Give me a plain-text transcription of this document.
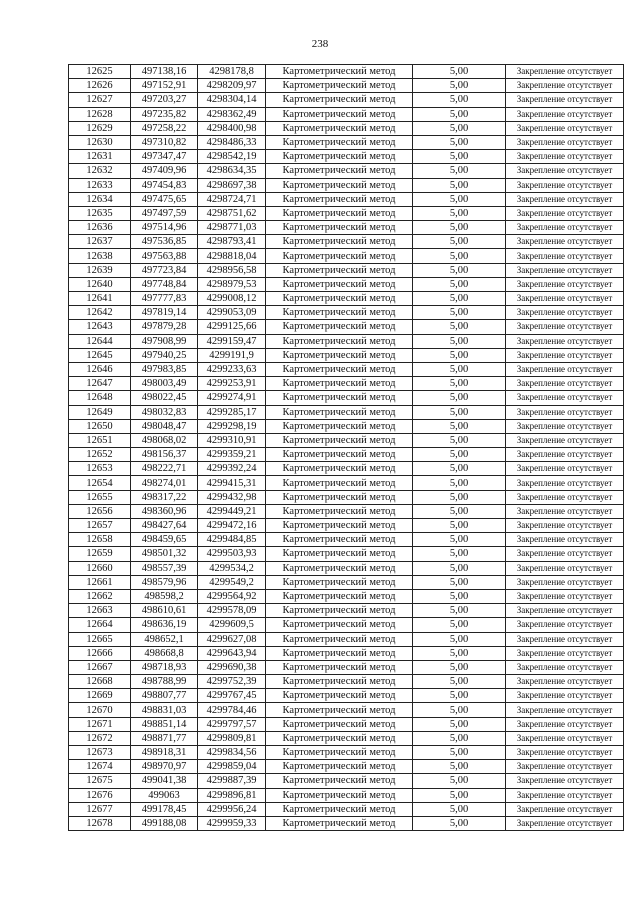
238
12625	497138,16	4298178,8	Картометрический метод	5,00	Закрепление отсутствует
12626	497152,91	4298209,97	Картометрический метод	5,00	Закрепление отсутствует
12627	497203,27	4298304,14	Картометрический метод	5,00	Закрепление отсутствует
12628	497235,82	4298362,49	Картометрический метод	5,00	Закрепление отсутствует
12629	497258,22	4298400,98	Картометрический метод	5,00	Закрепление отсутствует
12630	497310,82	4298486,33	Картометрический метод	5,00	Закрепление отсутствует
12631	497347,47	4298542,19	Картометрический метод	5,00	Закрепление отсутствует
12632	497409,96	4298634,35	Картометрический метод	5,00	Закрепление отсутствует
12633	497454,83	4298697,38	Картометрический метод	5,00	Закрепление отсутствует
12634	497475,65	4298724,71	Картометрический метод	5,00	Закрепление отсутствует
12635	497497,59	4298751,62	Картометрический метод	5,00	Закрепление отсутствует
12636	497514,96	4298771,03	Картометрический метод	5,00	Закрепление отсутствует
12637	497536,85	4298793,41	Картометрический метод	5,00	Закрепление отсутствует
12638	497563,88	4298818,04	Картометрический метод	5,00	Закрепление отсутствует
12639	497723,84	4298956,58	Картометрический метод	5,00	Закрепление отсутствует
12640	497748,84	4298979,53	Картометрический метод	5,00	Закрепление отсутствует
12641	497777,83	4299008,12	Картометрический метод	5,00	Закрепление отсутствует
12642	497819,14	4299053,09	Картометрический метод	5,00	Закрепление отсутствует
12643	497879,28	4299125,66	Картометрический метод	5,00	Закрепление отсутствует
12644	497908,99	4299159,47	Картометрический метод	5,00	Закрепление отсутствует
12645	497940,25	4299191,9	Картометрический метод	5,00	Закрепление отсутствует
12646	497983,85	4299233,63	Картометрический метод	5,00	Закрепление отсутствует
12647	498003,49	4299253,91	Картометрический метод	5,00	Закрепление отсутствует
12648	498022,45	4299274,91	Картометрический метод	5,00	Закрепление отсутствует
12649	498032,83	4299285,17	Картометрический метод	5,00	Закрепление отсутствует
12650	498048,47	4299298,19	Картометрический метод	5,00	Закрепление отсутствует
12651	498068,02	4299310,91	Картометрический метод	5,00	Закрепление отсутствует
12652	498156,37	4299359,21	Картометрический метод	5,00	Закрепление отсутствует
12653	498222,71	4299392,24	Картометрический метод	5,00	Закрепление отсутствует
12654	498274,01	4299415,31	Картометрический метод	5,00	Закрепление отсутствует
12655	498317,22	4299432,98	Картометрический метод	5,00	Закрепление отсутствует
12656	498360,96	4299449,21	Картометрический метод	5,00	Закрепление отсутствует
12657	498427,64	4299472,16	Картометрический метод	5,00	Закрепление отсутствует
12658	498459,65	4299484,85	Картометрический метод	5,00	Закрепление отсутствует
12659	498501,32	4299503,93	Картометрический метод	5,00	Закрепление отсутствует
12660	498557,39	4299534,2	Картометрический метод	5,00	Закрепление отсутствует
12661	498579,96	4299549,2	Картометрический метод	5,00	Закрепление отсутствует
12662	498598,2	4299564,92	Картометрический метод	5,00	Закрепление отсутствует
12663	498610,61	4299578,09	Картометрический метод	5,00	Закрепление отсутствует
12664	498636,19	4299609,5	Картометрический метод	5,00	Закрепление отсутствует
12665	498652,1	4299627,08	Картометрический метод	5,00	Закрепление отсутствует
12666	498668,8	4299643,94	Картометрический метод	5,00	Закрепление отсутствует
12667	498718,93	4299690,38	Картометрический метод	5,00	Закрепление отсутствует
12668	498788,99	4299752,39	Картометрический метод	5,00	Закрепление отсутствует
12669	498807,77	4299767,45	Картометрический метод	5,00	Закрепление отсутствует
12670	498831,03	4299784,46	Картометрический метод	5,00	Закрепление отсутствует
12671	498851,14	4299797,57	Картометрический метод	5,00	Закрепление отсутствует
12672	498871,77	4299809,81	Картометрический метод	5,00	Закрепление отсутствует
12673	498918,31	4299834,56	Картометрический метод	5,00	Закрепление отсутствует
12674	498970,97	4299859,04	Картометрический метод	5,00	Закрепление отсутствует
12675	499041,38	4299887,39	Картометрический метод	5,00	Закрепление отсутствует
12676	499063	4299896,81	Картометрический метод	5,00	Закрепление отсутствует
12677	499178,45	4299956,24	Картометрический метод	5,00	Закрепление отсутствует
12678	499188,08	4299959,33	Картометрический метод	5,00	Закрепление отсутствует
